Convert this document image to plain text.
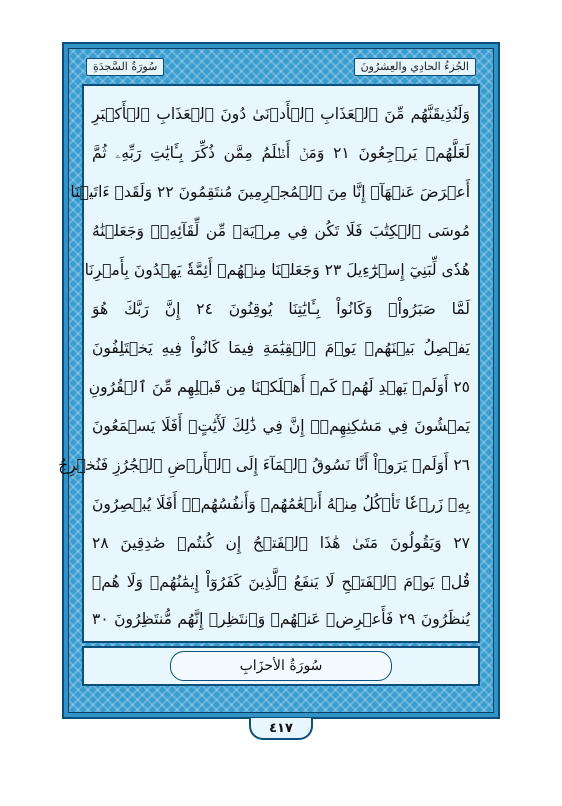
سُورَةُ السَّجدَةِ	الجُزءُ الحادِي والعِشرُونَ
وَلَنُذِيقَنَّهُم مِّنَ ٱلۡعَذَابِ ٱلۡأَدۡنَىٰ دُونَ ٱلۡعَذَابِ ٱلۡأَكۡبَرِ
لَعَلَّهُمۡ يَرۡجِعُونَ ٢١ وَمَنۡ أَظۡلَمُ مِمَّن ذُكِّرَ بِـَٔايَٰتِ رَبِّهِۦ ثُمَّ
أَعۡرَضَ عَنۡهَآۚ إِنَّا مِنَ ٱلۡمُجۡرِمِينَ مُنتَقِمُونَ ٢٢ وَلَقَدۡ ءَاتَيۡنَا
مُوسَى ٱلۡكِتَٰبَ فَلَا تَكُن فِي مِرۡيَةٖ مِّن لِّقَآئِهِۦۖ وَجَعَلۡنَٰهُ
هُدٗى لِّبَنِيٓ إِسۡرَٰٓءِيلَ ٢٣ وَجَعَلۡنَا مِنۡهُمۡ أَئِمَّةٗ يَهۡدُونَ بِأَمۡرِنَا
لَمَّا صَبَرُواْۖ وَكَانُواْ بِـَٔايَٰتِنَا يُوقِنُونَ ٢٤ إِنَّ رَبَّكَ هُوَ
يَفۡصِلُ بَيۡنَهُمۡ يَوۡمَ ٱلۡقِيَٰمَةِ فِيمَا كَانُواْ فِيهِ يَخۡتَلِفُونَ
٢٥ أَوَلَمۡ يَهۡدِ لَهُمۡ كَمۡ أَهۡلَكۡنَا مِن قَبۡلِهِم مِّنَ ٱلۡقُرُونِ
يَمۡشُونَ فِي مَسَٰكِنِهِمۡۚ إِنَّ فِي ذَٰلِكَ لَأٓيَٰتٍۚ أَفَلَا يَسۡمَعُونَ
٢٦ أَوَلَمۡ يَرَوۡاْ أَنَّا نَسُوقُ ٱلۡمَآءَ إِلَى ٱلۡأَرۡضِ ٱلۡجُرُزِ فَنُخۡرِجُ
بِهِۦ زَرۡعٗا تَأۡكُلُ مِنۡهُ أَنۡعَٰمُهُمۡ وَأَنفُسُهُمۡۚ أَفَلَا يُبۡصِرُونَ
٢٧ وَيَقُولُونَ مَتَىٰ هَٰذَا ٱلۡفَتۡحُ إِن كُنتُمۡ صَٰدِقِينَ ٢٨
قُلۡ يَوۡمَ ٱلۡفَتۡحِ لَا يَنفَعُ ٱلَّذِينَ كَفَرُوٓاْ إِيمَٰنُهُمۡ وَلَا هُمۡ
يُنظَرُونَ ٢٩ فَأَعۡرِضۡ عَنۡهُمۡ وَٱنتَظِرۡ إِنَّهُم مُّنتَظِرُونَ ٣٠
سُورَةُ الأحزَابِ
٤١٧
